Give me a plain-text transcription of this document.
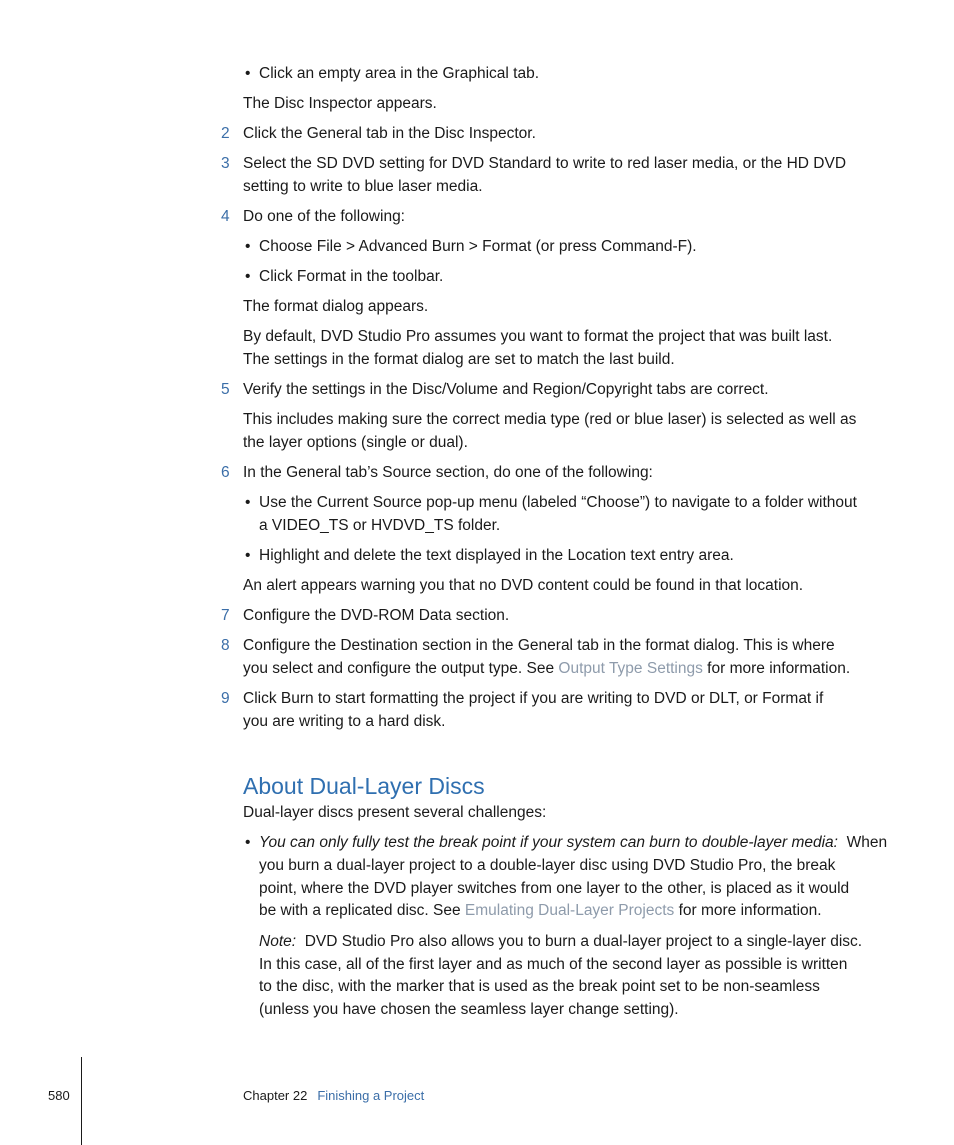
• Click an empty area in the Graphical tab.
The Disc Inspector appears.
2 Click the General tab in the Disc Inspector.
3 Select the SD DVD setting for DVD Standard to write to red laser media, or the HD DVD
setting to write to blue laser media.
4 Do one of the following:
• Choose File > Advanced Burn > Format (or press Command-F).
• Click Format in the toolbar.
The format dialog appears.
By default, DVD Studio Pro assumes you want to format the project that was built last.
The settings in the format dialog are set to match the last build.
5 Verify the settings in the Disc/Volume and Region/Copyright tabs are correct.
This includes making sure the correct media type (red or blue laser) is selected as well as
the layer options (single or dual).
6 In the General tab’s Source section, do one of the following:
• Use the Current Source pop-up menu (labeled “Choose”) to navigate to a folder without
a VIDEO_TS or HVDVD_TS folder.
• Highlight and delete the text displayed in the Location text entry area.
An alert appears warning you that no DVD content could be found in that location.
7 Configure the DVD-ROM Data section.
8 Configure the Destination section in the General tab in the format dialog. This is where
you select and configure the output type. See Output Type Settings for more information.
9 Click Burn to start formatting the project if you are writing to DVD or DLT, or Format if
you are writing to a hard disk.
About Dual-Layer Discs
Dual-layer discs present several challenges:
• You can only fully test the break point if your system can burn to double-layer media: When
you burn a dual-layer project to a double-layer disc using DVD Studio Pro, the break
point, where the DVD player switches from one layer to the other, is placed as it would
be with a replicated disc. See Emulating Dual-Layer Projects for more information.
Note: DVD Studio Pro also allows you to burn a dual-layer project to a single-layer disc.
In this case, all of the first layer and as much of the second layer as possible is written
to the disc, with the marker that is used as the break point set to be non-seamless
(unless you have chosen the seamless layer change setting).
580	Chapter 22 Finishing a Project
